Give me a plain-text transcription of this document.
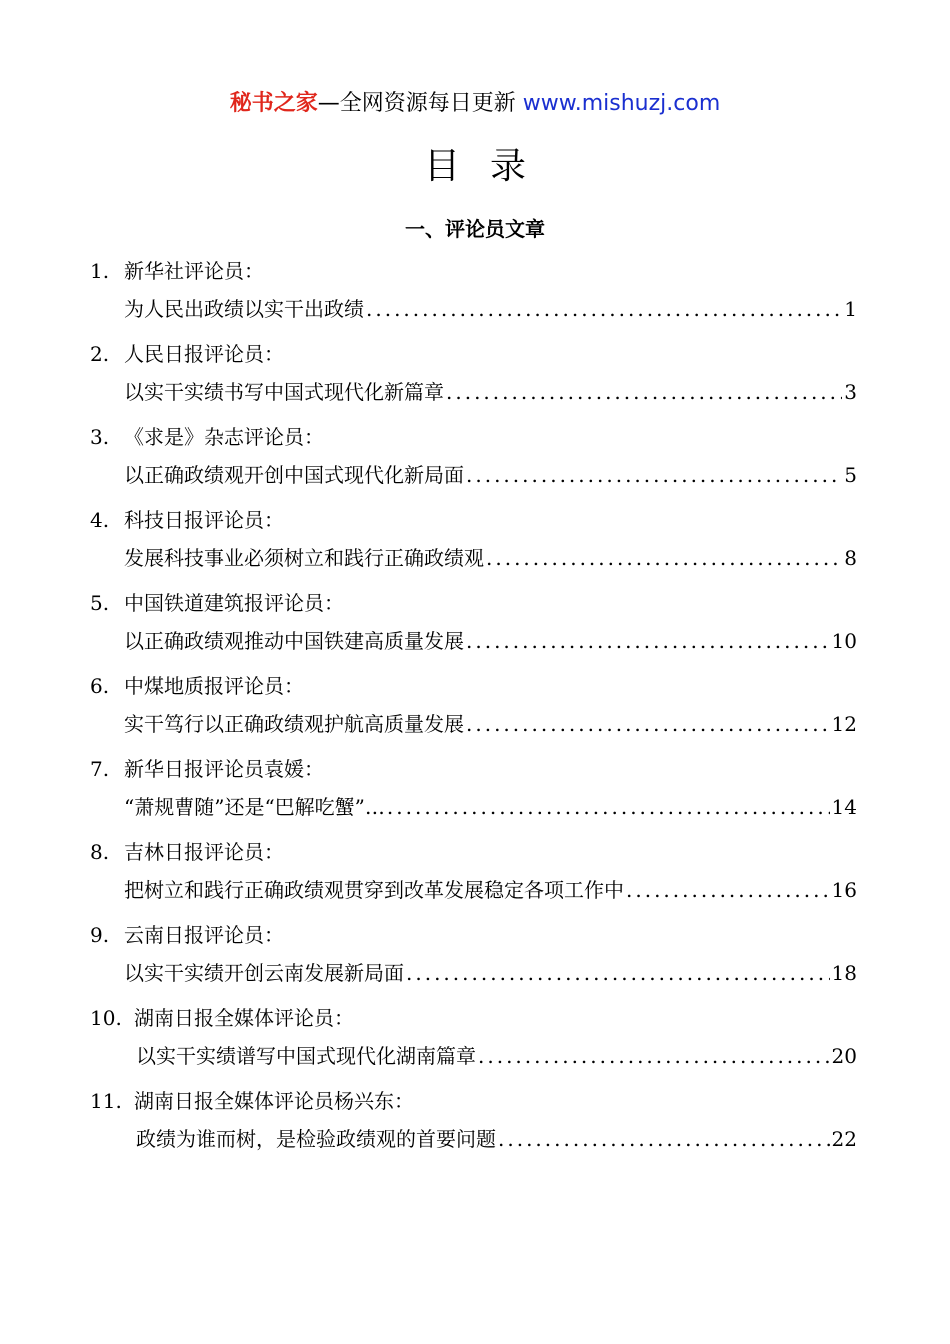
秘书之家—全网资源每日更新 www.mishuzj.com
目录
一、评论员文章
1. 新华社评论员：
为人民出政绩以实干出政绩 .....	1
2. 人民日报评论员：
以实干实绩书写中国式现代化新篇章 .....	3
3. 《求是》杂志评论员：
以正确政绩观开创中国式现代化新局面 .....	5
4. 科技日报评论员：
发展科技事业必须树立和践行正确政绩观 .....	8
5. 中国铁道建筑报评论员：
以正确政绩观推动中国铁建高质量发展 .....	10
6. 中煤地质报评论员：
实干笃行以正确政绩观护航高质量发展 .....	12
7. 新华日报评论员袁媛：
“萧规曹随”还是“巴解吃蟹”… .....	14
8. 吉林日报评论员：
把树立和践行正确政绩观贯穿到改革发展稳定各项工作中 .....	16
9. 云南日报评论员：
以实干实绩开创云南发展新局面 .....	18
10. 湖南日报全媒体评论员：
以实干实绩谱写中国式现代化湖南篇章 .....	20
11. 湖南日报全媒体评论员杨兴东：
政绩为谁而树，是检验政绩观的首要问题 .....	22
